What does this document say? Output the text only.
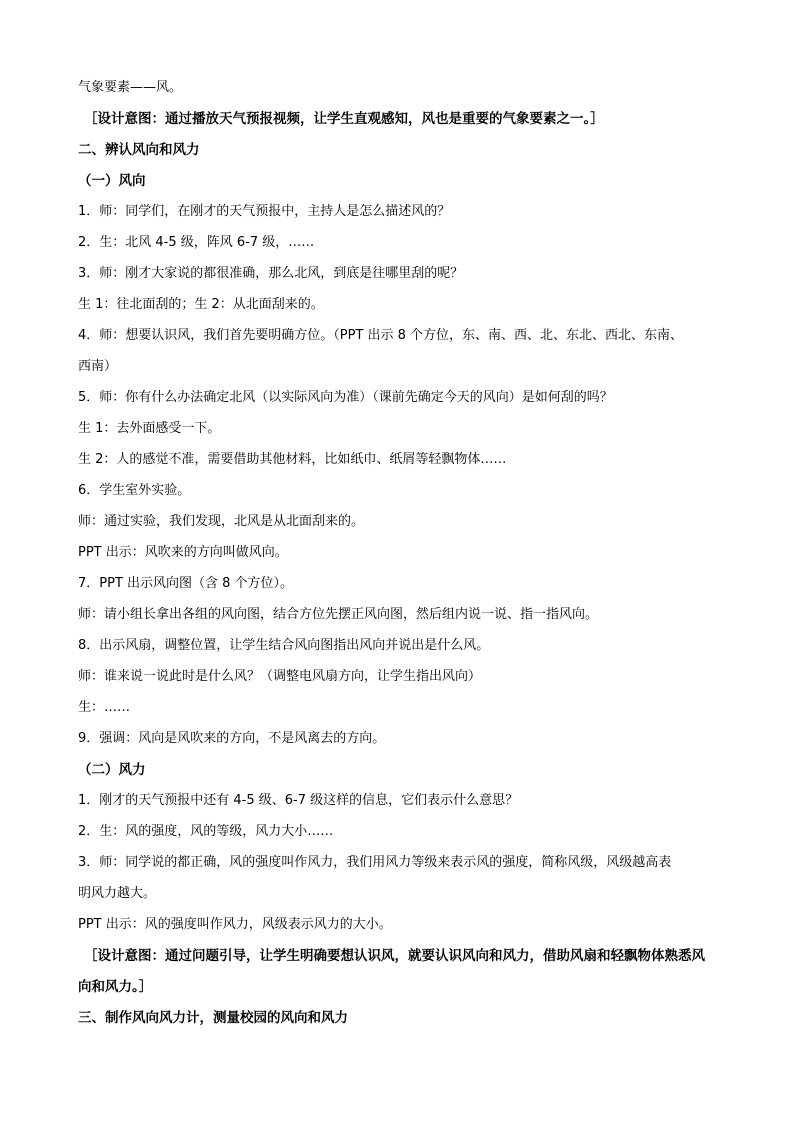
气象要素——风。
［设计意图：通过播放天气预报视频，让学生直观感知，风也是重要的气象要素之一。］
二、辨认风向和风力
（一）风向
1．师：同学们，在刚才的天气预报中，主持人是怎么描述风的？
2．生：北风 4-5 级，阵风 6-7 级，……
3．师：刚才大家说的都很准确，那么北风，到底是往哪里刮的呢？
生 1：往北面刮的；生 2：从北面刮来的。
4．师：想要认识风，我们首先要明确方位。（PPT 出示 8 个方位，东、南、西、北、东北、西北、东南、
西南）
5．师：你有什么办法确定北风（以实际风向为准）（课前先确定今天的风向）是如何刮的吗？
生 1：去外面感受一下。
生 2：人的感觉不准，需要借助其他材料，比如纸巾、纸屑等轻飘物体……
6．学生室外实验。
师：通过实验，我们发现，北风是从北面刮来的。
PPT 出示：风吹来的方向叫做风向。
7．PPT 出示风向图（含 8 个方位）。
师：请小组长拿出各组的风向图，结合方位先摆正风向图，然后组内说一说、指一指风向。
8．出示风扇，调整位置，让学生结合风向图指出风向并说出是什么风。
师：谁来说一说此时是什么风？（调整电风扇方向，让学生指出风向）
生：……
9．强调：风向是风吹来的方向，不是风离去的方向。
（二）风力
1．刚才的天气预报中还有 4-5 级、6-7 级这样的信息，它们表示什么意思？
2．生：风的强度，风的等级，风力大小……
3．师：同学说的都正确，风的强度叫作风力，我们用风力等级来表示风的强度，简称风级，风级越高表
明风力越大。
PPT 出示：风的强度叫作风力，风级表示风力的大小。
［设计意图：通过问题引导，让学生明确要想认识风，就要认识风向和风力，借助风扇和轻飘物体熟悉风
向和风力。］
三、制作风向风力计，测量校园的风向和风力
